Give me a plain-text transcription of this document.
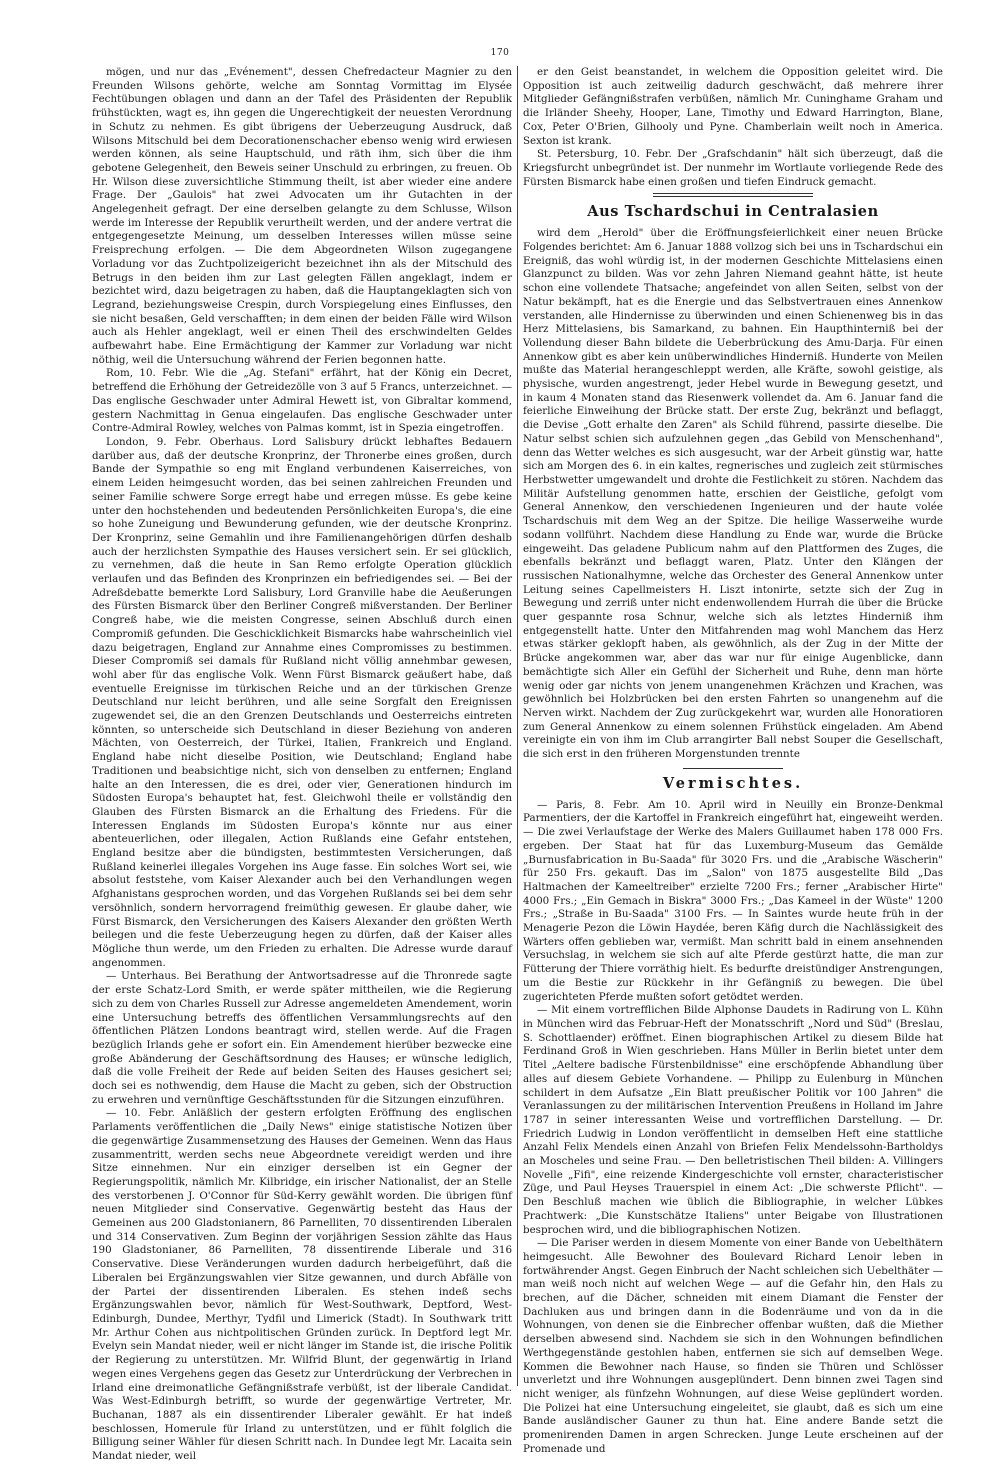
170

mögen, und nur das „Evénement", dessen Chefredacteur Magnier zu den Freunden Wilsons gehörte, welche am Sonntag Vormittag im Elysée Fechtübungen oblagen und dann an der Tafel des Präsidenten der Republik frühstückten, wagt es, ihn gegen die Ungerechtigkeit der neuesten Verordnung in Schutz zu nehmen. Es gibt übrigens der Ueberzeugung Ausdruck, daß Wilsons Mitschuld bei dem Decorationenschacher ebenso wenig wird erwiesen werden können, als seine Hauptschuld, und räth ihm, sich über die ihm gebotene Gelegenheit, den Beweis seiner Unschuld zu erbringen, zu freuen. Ob Hr. Wilson diese zuversichtliche Stimmung theilt, ist aber wieder eine andere Frage. Der „Gaulois" hat zwei Advocaten um ihr Gutachten in der Angelegenheit gefragt. Der eine derselben gelangte zu dem Schlusse, Wilson werde im Interesse der Republik verurtheilt werden, und der andere vertrat die entgegengesetzte Meinung, um desselben Interesses willen müsse seine Freisprechung erfolgen. — Die dem Abgeordneten Wilson zugegangene Vorladung vor das Zuchtpolizeigericht bezeichnet ihn als der Mitschuld des Betrugs in den beiden ihm zur Last gelegten Fällen angeklagt, indem er bezichtet wird, dazu beigetragen zu haben, daß die Hauptangeklagten sich von Legrand, beziehungsweise Crespin, durch Vorspiegelung eines Einflusses, den sie nicht besaßen, Geld verschafften; in dem einen der beiden Fälle wird Wilson auch als Hehler angeklagt, weil er einen Theil des erschwindelten Geldes aufbewahrt habe. Eine Ermächtigung der Kammer zur Vorladung war nicht nöthig, weil die Untersuchung während der Ferien begonnen hatte.

Rom, 10. Febr. Wie die „Ag. Stefani" erfährt, hat der König ein Decret, betreffend die Erhöhung der Getreidezölle von 3 auf 5 Francs, unterzeichnet. — Das englische Geschwader unter Admiral Hewett ist, von Gibraltar kommend, gestern Nachmittag in Genua eingelaufen. Das englische Geschwader unter Contre-Admiral Rowley, welches von Palmas kommt, ist in Spezia eingetroffen.

London, 9. Febr. Oberhaus. Lord Salisbury drückt lebhaftes Bedauern darüber aus, daß der deutsche Kronprinz, der Thronerbe eines großen, durch Bande der Sympathie so eng mit England verbundenen Kaiserreiches, von einem Leiden heimgesucht worden, das bei seinen zahlreichen Freunden und seiner Familie schwere Sorge erregt habe und erregen müsse. Es gebe keine unter den hochstehenden und bedeutenden Persönlichkeiten Europa's, die eine so hohe Zuneigung und Bewunderung gefunden, wie der deutsche Kronprinz. Der Kronprinz, seine Gemahlin und ihre Familienangehörigen dürfen deshalb auch der herzlichsten Sympathie des Hauses versichert sein. Er sei glücklich, zu vernehmen, daß die heute in San Remo erfolgte Operation glücklich verlaufen und das Befinden des Kronprinzen ein befriedigendes sei. — Bei der Adreßdebatte bemerkte Lord Salisbury, Lord Granville habe die Aeußerungen des Fürsten Bismarck über den Berliner Congreß mißverstanden. Der Berliner Congreß habe, wie die meisten Congresse, seinen Abschluß durch einen Compromiß gefunden. Die Geschicklichkeit Bismarcks habe wahrscheinlich viel dazu beigetragen, England zur Annahme eines Compromisses zu bestimmen. Dieser Compromiß sei damals für Rußland nicht völlig annehmbar gewesen, wohl aber für das englische Volk. Wenn Fürst Bismarck geäußert habe, daß eventuelle Ereignisse im türkischen Reiche und an der türkischen Grenze Deutschland nur leicht berühren, und alle seine Sorgfalt den Ereignissen zugewendet sei, die an den Grenzen Deutschlands und Oesterreichs eintreten könnten, so unterscheide sich Deutschland in dieser Beziehung von anderen Mächten, von Oesterreich, der Türkei, Italien, Frankreich und England. England habe nicht dieselbe Position, wie Deutschland; England habe Traditionen und beabsichtige nicht, sich von denselben zu entfernen; England halte an den Interessen, die es drei, oder vier, Generationen hindurch im Südosten Europa's behauptet hat, fest. Gleichwohl theile er vollständig den Glauben des Fürsten Bismarck an die Erhaltung des Friedens. Für die Interessen Englands im Südosten Europa's könnte nur aus einer abenteuerlichen, oder illegalen, Action Rußlands eine Gefahr entstehen, England besitze aber die bündigsten, bestimmtesten Versicherungen, daß Rußland keinerlei illegales Vorgehen ins Auge fasse. Ein solches Wort sei, wie absolut feststehe, vom Kaiser Alexander auch bei den Verhandlungen wegen Afghanistans gesprochen worden, und das Vorgehen Rußlands sei bei dem sehr versöhnlich, sondern hervorragend freimüthig gewesen. Er glaube daher, wie Fürst Bismarck, den Versicherungen des Kaisers Alexander den größten Werth beilegen und die feste Ueberzeugung hegen zu dürfen, daß der Kaiser alles Mögliche thun werde, um den Frieden zu erhalten. Die Adresse wurde darauf angenommen.

— Unterhaus. Bei Berathung der Antwortsadresse auf die Thronrede sagte der erste Schatz-Lord Smith, er werde später mittheilen, wie die Regierung sich zu dem von Charles Russell zur Adresse angemeldeten Amendement, worin eine Untersuchung betreffs des öffentlichen Versammlungsrechts auf den öffentlichen Plätzen Londons beantragt wird, stellen werde. Auf die Fragen bezüglich Irlands gehe er sofort ein. Ein Amendement hierüber bezwecke eine große Abänderung der Geschäftsordnung des Hauses; er wünsche lediglich, daß die volle Freiheit der Rede auf beiden Seiten des Hauses gesichert sei; doch sei es nothwendig, dem Hause die Macht zu geben, sich der Obstruction zu erwehren und vernünftige Geschäftsstunden für die Sitzungen einzuführen.

— 10. Febr. Anläßlich der gestern erfolgten Eröffnung des englischen Parlaments veröffentlichen die „Daily News" einige statistische Notizen über die gegenwärtige Zusammensetzung des Hauses der Gemeinen. Wenn das Haus zusammentritt, werden sechs neue Abgeordnete vereidigt werden und ihre Sitze einnehmen. Nur ein einziger derselben ist ein Gegner der Regierungspolitik, nämlich Mr. Kilbridge, ein irischer Nationalist, der an Stelle des verstorbenen J. O'Connor für Süd-Kerry gewählt worden. Die übrigen fünf neuen Mitglieder sind Conservative. Gegenwärtig besteht das Haus der Gemeinen aus 200 Gladstonianern, 86 Parnelliten, 70 dissentirenden Liberalen und 314 Conservativen. Zum Beginn der vorjährigen Session zählte das Haus 190 Gladstonianer, 86 Parnelliten, 78 dissentirende Liberale und 316 Conservative. Diese Veränderungen wurden dadurch herbeigeführt, daß die Liberalen bei Ergänzungswahlen vier Sitze gewannen, und durch Abfälle von der Partei der dissentirenden Liberalen. Es stehen indeß sechs Ergänzungswahlen bevor, nämlich für West-Southwark, Deptford, West-Edinburgh, Dundee, Merthyr, Tydfil und Limerick (Stadt). In Southwark tritt Mr. Arthur Cohen aus nichtpolitischen Gründen zurück. In Deptford legt Mr. Evelyn sein Mandat nieder, weil er nicht länger im Stande ist, die irische Politik der Regierung zu unterstützen. Mr. Wilfrid Blunt, der gegenwärtig in Irland wegen eines Vergehens gegen das Gesetz zur Unterdrückung der Verbrechen in Irland eine dreimonatliche Gefängnißstrafe verbüßt, ist der liberale Candidat. Was West-Edinburgh betrifft, so wurde der gegenwärtige Vertreter, Mr. Buchanan, 1887 als ein dissentirender Liberaler gewählt. Er hat indeß beschlossen, Homerule für Irland zu unterstützen, und er fühlt folglich die Billigung seiner Wähler für diesen Schritt nach. In Dundee legt Mr. Lacaita sein Mandat nieder, weil

er den Geist beanstandet, in welchem die Opposition geleitet wird. Die Opposition ist auch zeitweilig dadurch geschwächt, daß mehrere ihrer Mitglieder Gefängnißstrafen verbüßen, nämlich Mr. Cuninghame Graham und die Irländer Sheehy, Hooper, Lane, Timothy und Edward Harrington, Blane, Cox, Peter O'Brien, Gilhooly und Pyne. Chamberlain weilt noch in America. Sexton ist krank.

St. Petersburg, 10. Febr. Der „Grafschdanin" hält sich überzeugt, daß die Kriegsfurcht unbegründet ist. Der nunmehr im Wortlaute vorliegende Rede des Fürsten Bismarck habe einen großen und tiefen Eindruck gemacht.

Aus Tschardschui in Centralasien

wird dem „Herold" über die Eröffnungsfeierlichkeit einer neuen Brücke Folgendes berichtet: Am 6. Januar 1888 vollzog sich bei uns in Tschardschui ein Ereigniß, das wohl würdig ist, in der modernen Geschichte Mittelasiens einen Glanzpunct zu bilden. Was vor zehn Jahren Niemand geahnt hätte, ist heute schon eine vollendete Thatsache; angefeindet von allen Seiten, selbst von der Natur bekämpft, hat es die Energie und das Selbstvertrauen eines Annenkow verstanden, alle Hindernisse zu überwinden und einen Schienenweg bis in das Herz Mittelasiens, bis Samarkand, zu bahnen. Ein Haupthinterniß bei der Vollendung dieser Bahn bildete die Ueberbrückung des Amu-Darja. Für einen Annenkow gibt es aber kein unüberwindliches Hinderniß. Hunderte von Meilen mußte das Material herangeschleppt werden, alle Kräfte, sowohl geistige, als physische, wurden angestrengt, jeder Hebel wurde in Bewegung gesetzt, und in kaum 4 Monaten stand das Riesenwerk vollendet da. Am 6. Januar fand die feierliche Einweihung der Brücke statt. Der erste Zug, bekränzt und beflaggt, die Devise „Gott erhalte den Zaren" als Schild führend, passirte dieselbe. Die Natur selbst schien sich aufzulehnen gegen „das Gebild von Menschenhand", denn das Wetter welches es sich ausgesucht, war der Arbeit günstig war, hatte sich am Morgen des 6. in ein kaltes, regnerisches und zugleich zeit stürmisches Herbstwetter umgewandelt und drohte die Festlichkeit zu stören. Nachdem das Militär Aufstellung genommen hatte, erschien der Geistliche, gefolgt vom General Annenkow, den verschiedenen Ingenieuren und der haute volée Tschardschuis mit dem Weg an der Spitze. Die heilige Wasserweihe wurde sodann vollführt. Nachdem diese Handlung zu Ende war, wurde die Brücke eingeweiht. Das geladene Publicum nahm auf den Plattformen des Zuges, die ebenfalls bekränzt und beflaggt waren, Platz. Unter den Klängen der russischen Nationalhymne, welche das Orchester des General Annenkow unter Leitung seines Capellmeisters H. Liszt intonirte, setzte sich der Zug in Bewegung und zerriß unter nicht endenwollendem Hurrah die über die Brücke quer gespannte rosa Schnur, welche sich als letztes Hinderniß ihm entgegenstellt hatte. Unter den Mitfahrenden mag wohl Manchem das Herz etwas stärker geklopft haben, als gewöhnlich, als der Zug in der Mitte der Brücke angekommen war, aber das war nur für einige Augenblicke, dann bemächtigte sich Aller ein Gefühl der Sicherheit und Ruhe, denn man hörte wenig oder gar nichts von jenem unangenehmen Krächzen und Krachen, was gewöhnlich bei Holzbrücken bei den ersten Fahrten so unangenehm auf die Nerven wirkt. Nachdem der Zug zurückgekehrt war, wurden alle Honoratioren zum General Annenkow zu einem solennen Frühstück eingeladen. Am Abend vereinigte ein von ihm im Club arrangirter Ball nebst Souper die Gesellschaft, die sich erst in den früheren Morgenstunden trennte

Vermischtes.

— Paris, 8. Febr. Am 10. April wird in Neuilly ein Bronze-Denkmal Parmentiers, der die Kartoffel in Frankreich eingeführt hat, eingeweiht werden. — Die zwei Verlaufstage der Werke des Malers Guillaumet haben 178 000 Frs. ergeben. Der Staat hat für das Luxemburg-Museum das Gemälde „Burnusfabrication in Bu-Saada" für 3020 Frs. und die „Arabische Wäscherin" für 250 Frs. gekauft. Das im „Salon" von 1875 ausgestellte Bild „Das Haltmachen der Kameeltreiber" erzielte 7200 Frs.; ferner „Arabischer Hirte" 4000 Frs.; „Ein Gemach in Biskra" 3000 Frs.; „Das Kameel in der Wüste" 1200 Frs.; „Straße in Bu-Saada" 3100 Frs. — In Saintes wurde heute früh in der Menagerie Pezon die Löwin Haydée, beren Käfig durch die Nachlässigkeit des Wärters offen geblieben war, vermißt. Man schritt bald in einem ansehnenden Versuchslag, in welchem sie sich auf alte Pferde gestürzt hatte, die man zur Fütterung der Thiere vorräthig hielt. Es bedurfte dreistündiger Anstrengungen, um die Bestie zur Rückkehr in ihr Gefängniß zu bewegen. Die übel zugerichteten Pferde mußten sofort getödtet werden.

— Mit einem vortrefflichen Bilde Alphonse Daudets in Radirung von L. Kühn in München wird das Februar-Heft der Monatsschrift „Nord und Süd" (Breslau, S. Schottlaender) eröffnet. Einen biographischen Artikel zu diesem Bilde hat Ferdinand Groß in Wien geschrieben. Hans Müller in Berlin bietet unter dem Titel „Aeltere badische Fürstenbildnisse" eine erschöpfende Abhandlung über alles auf diesem Gebiete Vorhandene. — Philipp zu Eulenburg in München schildert in dem Aufsatze „Ein Blatt preußischer Politik vor 100 Jahren" die Veranlassungen zu der militärischen Intervention Preußens in Holland im Jahre 1787 in seiner interessanten Weise und vortrefflichen Darstellung. — Dr. Friedrich Ludwig in London veröffentlicht in demselben Heft eine stattliche Anzahl Felix Mendels einen Anzahl von Briefen Felix Mendelssohn-Bartholdys an Moscheles und seine Frau. — Den belletristischen Theil bilden: A. Villingers Novelle „Fifi", eine reizende Kindergeschichte voll ernster, characteristischer Züge, und Paul Heyses Trauerspiel in einem Act: „Die schwerste Pflicht". — Den Beschluß machen wie üblich die Bibliographie, in welcher Lübkes Prachtwerk: „Die Kunstschätze Italiens" unter Beigabe von Illustrationen besprochen wird, und die bibliographischen Notizen.

— Die Pariser werden in diesem Momente von einer Bande von Uebelthätern heimgesucht. Alle Bewohner des Boulevard Richard Lenoir leben in fortwährender Angst. Gegen Einbruch der Nacht schleichen sich Uebelthäter — man weiß noch nicht auf welchen Wege — auf die Gefahr hin, den Hals zu brechen, auf die Dächer, schneiden mit einem Diamant die Fenster der Dachluken aus und bringen dann in die Bodenräume und von da in die Wohnungen, von denen sie die Einbrecher offenbar wußten, daß die Miether derselben abwesend sind. Nachdem sie sich in den Wohnungen befindlichen Werthgegenstände gestohlen haben, entfernen sie sich auf demselben Wege. Kommen die Bewohner nach Hause, so finden sie Thüren und Schlösser unverletzt und ihre Wohnungen ausgeplündert. Denn binnen zwei Tagen sind nicht weniger, als fünfzehn Wohnungen, auf diese Weise geplündert worden. Die Polizei hat eine Untersuchung eingeleitet, sie glaubt, daß es sich um eine Bande ausländischer Gauner zu thun hat. Eine andere Bande setzt die promenirenden Damen in argen Schrecken. Junge Leute erscheinen auf der Promenade und
